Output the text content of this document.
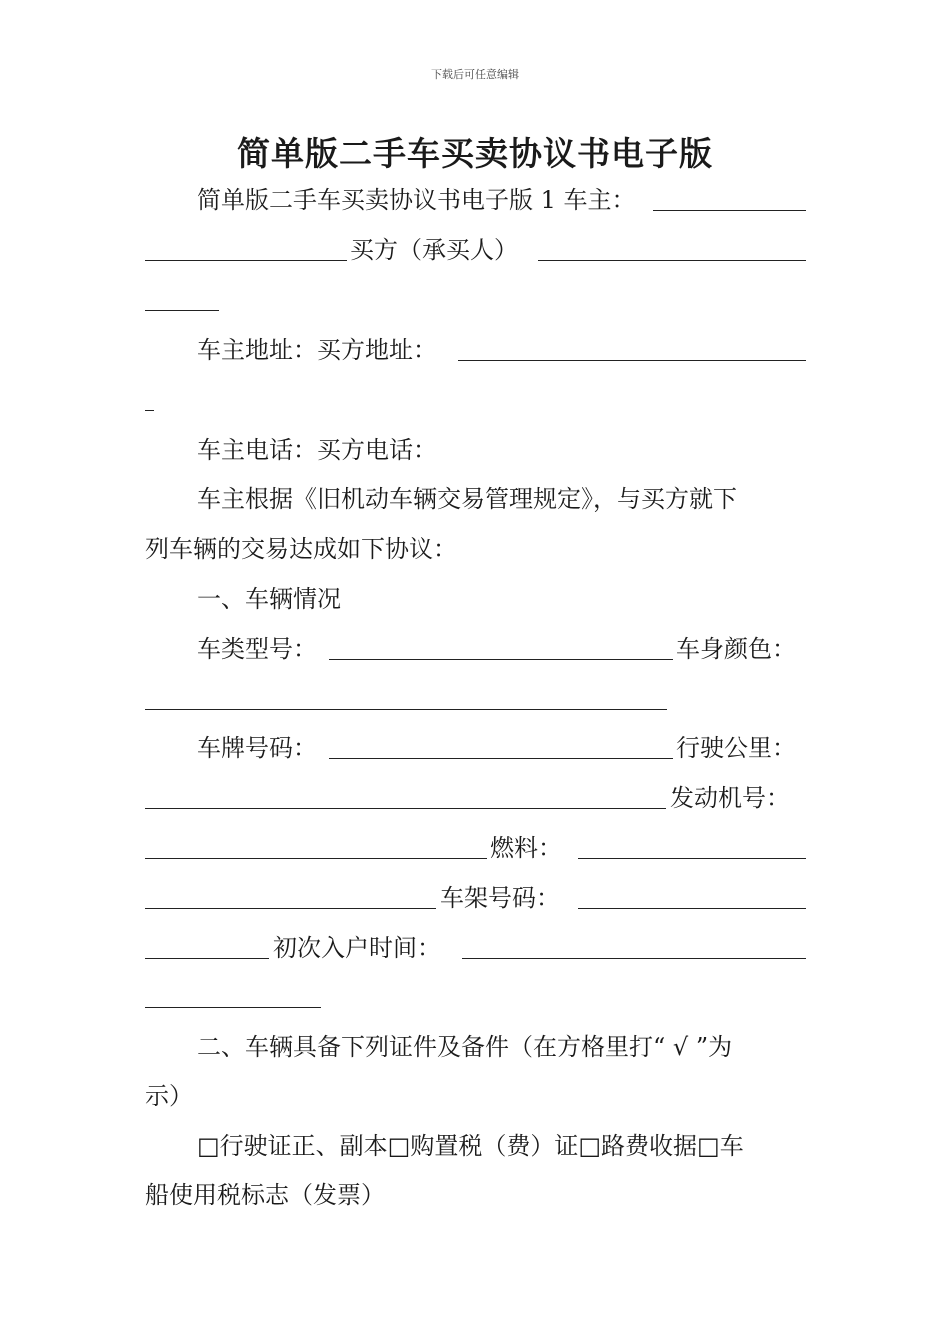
下载后可任意编辑
简单版二手车买卖协议书电子版
简单版二手车买卖协议书电子版 1 车主：
买方（承买人）
车主地址：买方地址：
车主电话：买方电话：
车主根据《旧机动车辆交易管理规定》，与买方就下
列车辆的交易达成如下协议：
一、车辆情况
车类型号：	车身颜色：
车牌号码：	行驶公里：
发动机号：
燃料：
车架号码：
初次入户时间：
二、车辆具备下列证件及备件（在方格里打“ √ ”为
示）
□行驶证正、副本□购置税（费）证□路费收据□车
船使用税标志（发票）
